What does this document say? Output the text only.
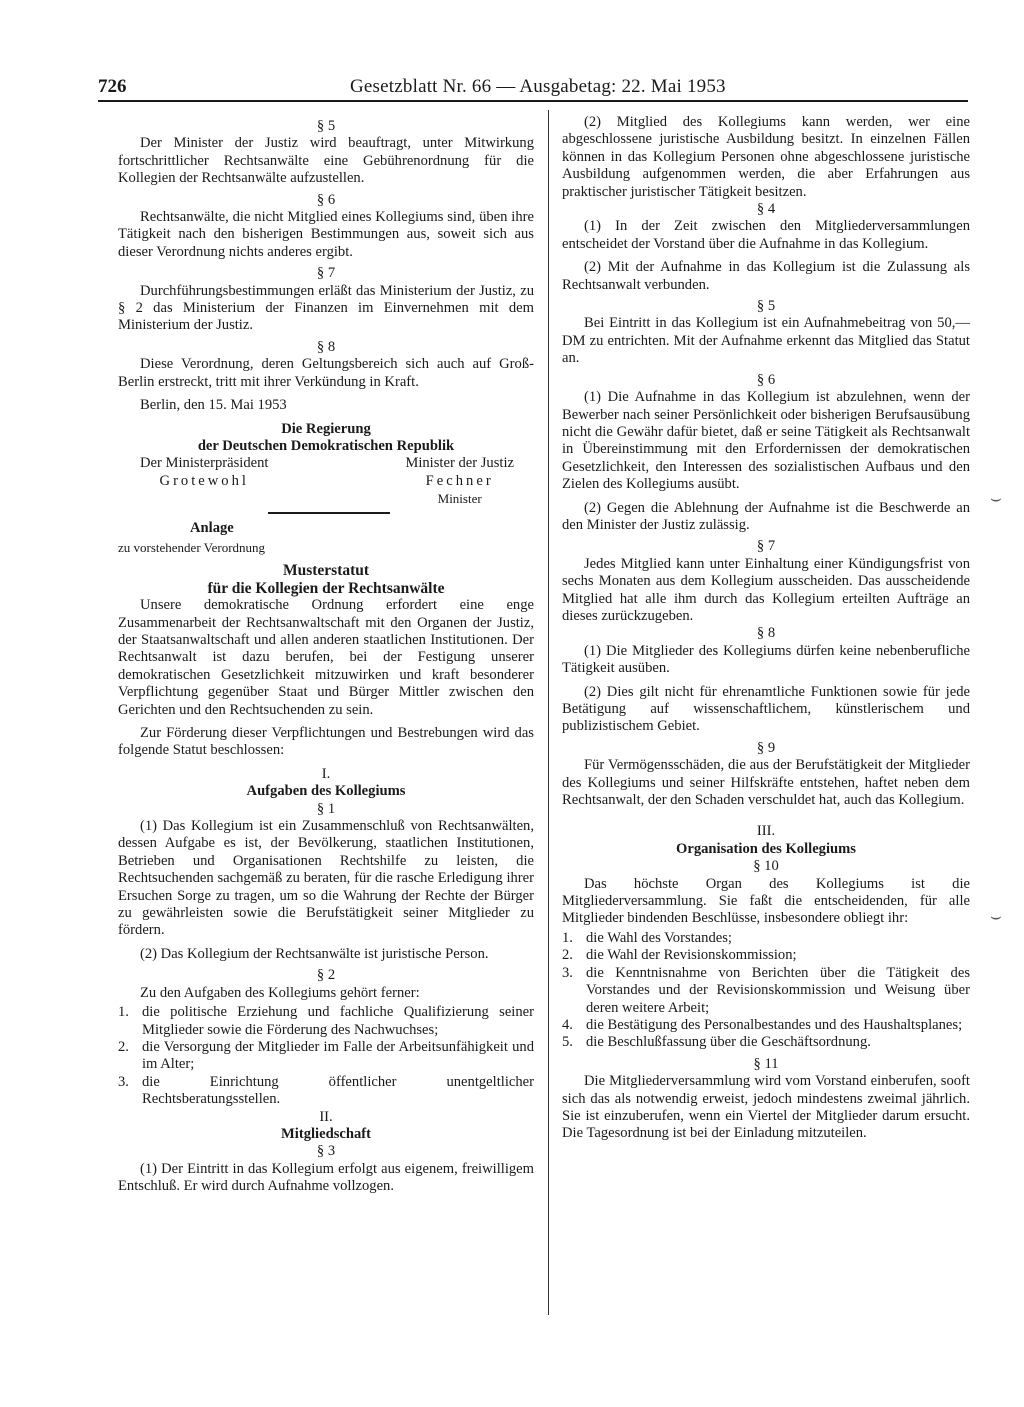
726	Gesetzblatt Nr. 66 — Ausgabetag: 22. Mai 1953

§ 5

Der Minister der Justiz wird beauftragt, unter Mitwirkung fortschrittlicher Rechtsanwälte eine Gebührenordnung für die Kollegien der Rechtsanwälte aufzustellen.

§ 6

Rechtsanwälte, die nicht Mitglied eines Kollegiums sind, üben ihre Tätigkeit nach den bisherigen Bestimmungen aus, soweit sich aus dieser Verordnung nichts anderes ergibt.

§ 7

Durchführungsbestimmungen erläßt das Ministerium der Justiz, zu § 2 das Ministerium der Finanzen im Einvernehmen mit dem Ministerium der Justiz.

§ 8

Diese Verordnung, deren Geltungsbereich sich auch auf Groß-Berlin erstreckt, tritt mit ihrer Verkündung in Kraft.

Berlin, den 15. Mai 1953

Die Regierung

der Deutschen Demokratischen Republik

Der Ministerpräsident
Grotewohl
Minister der Justiz
Fechner
Minister

Anlage

zu vorstehender Verordnung

Musterstatut

für die Kollegien der Rechtsanwälte

Unsere demokratische Ordnung erfordert eine enge Zusammenarbeit der Rechtsanwaltschaft mit den Organen der Justiz, der Staatsanwaltschaft und allen anderen staatlichen Institutionen. Der Rechtsanwalt ist dazu berufen, bei der Festigung unserer demokratischen Gesetzlichkeit mitzuwirken und kraft besonderer Verpflichtung gegenüber Staat und Bürger Mittler zwischen den Gerichten und den Rechtsuchenden zu sein.

Zur Förderung dieser Verpflichtungen und Bestrebungen wird das folgende Statut beschlossen:

I.

Aufgaben des Kollegiums

§ 1

(1) Das Kollegium ist ein Zusammenschluß von Rechtsanwälten, dessen Aufgabe es ist, der Bevölkerung, staatlichen Institutionen, Betrieben und Organisationen Rechtshilfe zu leisten, die Rechtsuchenden sachgemäß zu beraten, für die rasche Erledigung ihrer Ersuchen Sorge zu tragen, um so die Wahrung der Rechte der Bürger zu gewährleisten sowie die Berufstätigkeit seiner Mitglieder zu fördern.

(2) Das Kollegium der Rechtsanwälte ist juristische Person.

§ 2

Zu den Aufgaben des Kollegiums gehört ferner:

1. die politische Erziehung und fachliche Qualifizierung seiner Mitglieder sowie die Förderung des Nachwuchses;
2. die Versorgung der Mitglieder im Falle der Arbeitsunfähigkeit und im Alter;
3. die Einrichtung öffentlicher unentgeltlicher Rechtsberatungsstellen.

II.

Mitgliedschaft

§ 3

(1) Der Eintritt in das Kollegium erfolgt aus eigenem, freiwilligem Entschluß. Er wird durch Aufnahme vollzogen.

(2) Mitglied des Kollegiums kann werden, wer eine abgeschlossene juristische Ausbildung besitzt. In einzelnen Fällen können in das Kollegium Personen ohne abgeschlossene juristische Ausbildung aufgenommen werden, die aber Erfahrungen aus praktischer juristischer Tätigkeit besitzen.

§ 4

(1) In der Zeit zwischen den Mitgliederversammlungen entscheidet der Vorstand über die Aufnahme in das Kollegium.

(2) Mit der Aufnahme in das Kollegium ist die Zulassung als Rechtsanwalt verbunden.

§ 5

Bei Eintritt in das Kollegium ist ein Aufnahmebeitrag von 50,— DM zu entrichten. Mit der Aufnahme erkennt das Mitglied das Statut an.

§ 6

(1) Die Aufnahme in das Kollegium ist abzulehnen, wenn der Bewerber nach seiner Persönlichkeit oder bisherigen Berufsausübung nicht die Gewähr dafür bietet, daß er seine Tätigkeit als Rechtsanwalt in Übereinstimmung mit den Erfordernissen der demokratischen Gesetzlichkeit, den Interessen des sozialistischen Aufbaus und den Zielen des Kollegiums ausübt.

(2) Gegen die Ablehnung der Aufnahme ist die Beschwerde an den Minister der Justiz zulässig.

§ 7

Jedes Mitglied kann unter Einhaltung einer Kündigungsfrist von sechs Monaten aus dem Kollegium ausscheiden. Das ausscheidende Mitglied hat alle ihm durch das Kollegium erteilten Aufträge an dieses zurückzugeben.

§ 8

(1) Die Mitglieder des Kollegiums dürfen keine nebenberufliche Tätigkeit ausüben.

(2) Dies gilt nicht für ehrenamtliche Funktionen sowie für jede Betätigung auf wissenschaftlichem, künstlerischem und publizistischem Gebiet.

§ 9

Für Vermögensschäden, die aus der Berufstätigkeit der Mitglieder des Kollegiums und seiner Hilfskräfte entstehen, haftet neben dem Rechtsanwalt, der den Schaden verschuldet hat, auch das Kollegium.

III.

Organisation des Kollegiums

§ 10

Das höchste Organ des Kollegiums ist die Mitgliederversammlung. Sie faßt die entscheidenden, für alle Mitglieder bindenden Beschlüsse, insbesondere obliegt ihr:

1. die Wahl des Vorstandes;
2. die Wahl der Revisionskommission;
3. die Kenntnisnahme von Berichten über die Tätigkeit des Vorstandes und der Revisionskommission und Weisung über deren weitere Arbeit;
4. die Bestätigung des Personalbestandes und des Haushaltsplanes;
5. die Beschlußfassung über die Geschäftsordnung.

§ 11

Die Mitgliederversammlung wird vom Vorstand einberufen, sooft sich das als notwendig erweist, jedoch mindestens zweimal jährlich. Sie ist einzuberufen, wenn ein Viertel der Mitglieder darum ersucht. Die Tagesordnung ist bei der Einladung mitzuteilen.

⌣
⌣
